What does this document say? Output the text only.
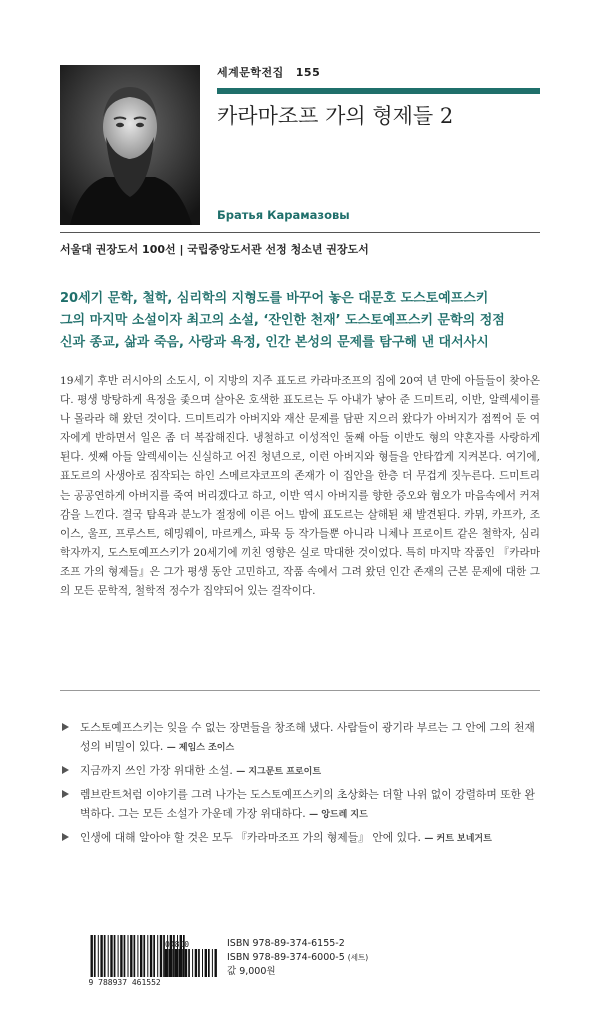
세계문학전집 155
카라마조프 가의 형제들 2
Братья Карамазовы
서울대 권장도서 100선 | 국립중앙도서관 선정 청소년 권장도서
20세기 문학, 철학, 심리학의 지형도를 바꾸어 놓은 대문호 도스토예프스키
그의 마지막 소설이자 최고의 소설, ‘잔인한 천재’ 도스토예프스키 문학의 정점
신과 종교, 삶과 죽음, 사랑과 욕정, 인간 본성의 문제를 탐구해 낸 대서사시
19세기 후반 러시아의 소도시, 이 지방의 지주 표도르 카라마조프의 집에 20여 년 만에 아들들이 찾아온다. 평생 방탕하게 욕정을 좇으며 살아온 호색한 표도르는 두 아내가 낳아 준 드미트리, 이반, 알렉세이를 나 몰라라 해 왔던 것이다. 드미트리가 아버지와 재산 문제를 담판 지으러 왔다가 아버지가 점찍어 둔 여자에게 반하면서 일은 좀 더 복잡해진다. 냉철하고 이성적인 둘째 아들 이반도 형의 약혼자를 사랑하게 된다. 셋째 아들 알렉세이는 신실하고 어진 청년으로, 이런 아버지와 형들을 안타깝게 지켜본다. 여기에, 표도르의 사생아로 짐작되는 하인 스메르쟈코프의 존재가 이 집안을 한층 더 무겁게 짓누른다. 드미트리는 공공연하게 아버지를 죽여 버리겠다고 하고, 이반 역시 아버지를 향한 증오와 혐오가 마음속에서 커져 감을 느낀다. 결국 탐욕과 분노가 절정에 이른 어느 밤에 표도르는 살해된 채 발견된다. 카뮈, 카프카, 조이스, 울프, 프루스트, 헤밍웨이, 마르케스, 파묵 등 작가들뿐 아니라 니체나 프로이트 같은 철학자, 심리학자까지, 도스토예프스키가 20세기에 끼친 영향은 실로 막대한 것이었다. 특히 마지막 작품인 『카라마조프 가의 형제들』은 그가 평생 동안 고민하고, 작품 속에서 그려 왔던 인간 존재의 근본 문제에 대한 그의 모든 문학적, 철학적 정수가 집약되어 있는 걸작이다.
도스토예프스키는 잊을 수 없는 장면들을 창조해 냈다. 사람들이 광기라 부르는 그 안에 그의 천재성의 비밀이 있다. — 제임스 조이스
지금까지 쓰인 가장 위대한 소설. — 지그문트 프로이트
렘브란트처럼 이야기를 그려 나가는 도스토예프스키의 초상화는 더할 나위 없이 강렬하며 또한 완벽하다. 그는 모든 소설가 가운데 가장 위대하다. — 앙드레 지드
인생에 대해 알아야 할 것은 모두 『카라마조프 가의 형제들』 안에 있다. — 커트 보네거트
9 788937 461552
04800	ISBN 978-89-374-6155-2
ISBN 978-89-374-6000-5 (세트)
값 9,000원
